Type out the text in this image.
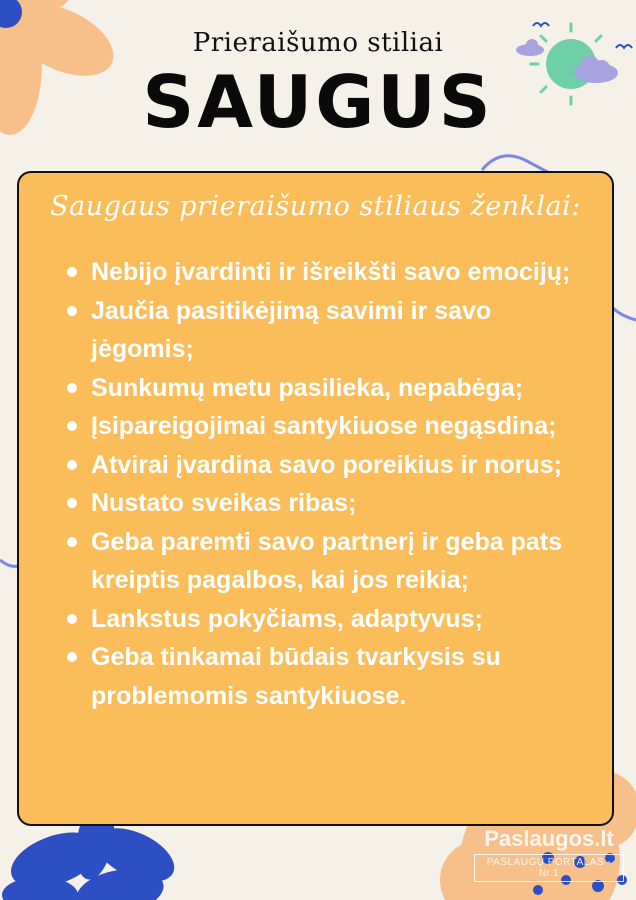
Prieraišumo stiliai
SAUGUS
Saugaus prieraišumo stiliaus ženklai:
Nebijo įvardinti ir išreikšti savo emocijų;
Jaučia pasitikėjimą savimi ir savo jėgomis;
Sunkumų metu pasilieka, nepabėga;
Įsipareigojimai santykiuose negąsdina;
Atvirai įvardina savo poreikius ir norus;
Nustato sveikas ribas;
Geba paremti savo partnerį ir geba pats kreiptis pagalbos, kai jos reikia;
Lankstus pokyčiams, adaptyvus;
Geba tinkamai būdais tvarkysis su problemomis santykiuose.
Paslaugos.lt
PASLAUGŲ PORTALAS - Nr.1
